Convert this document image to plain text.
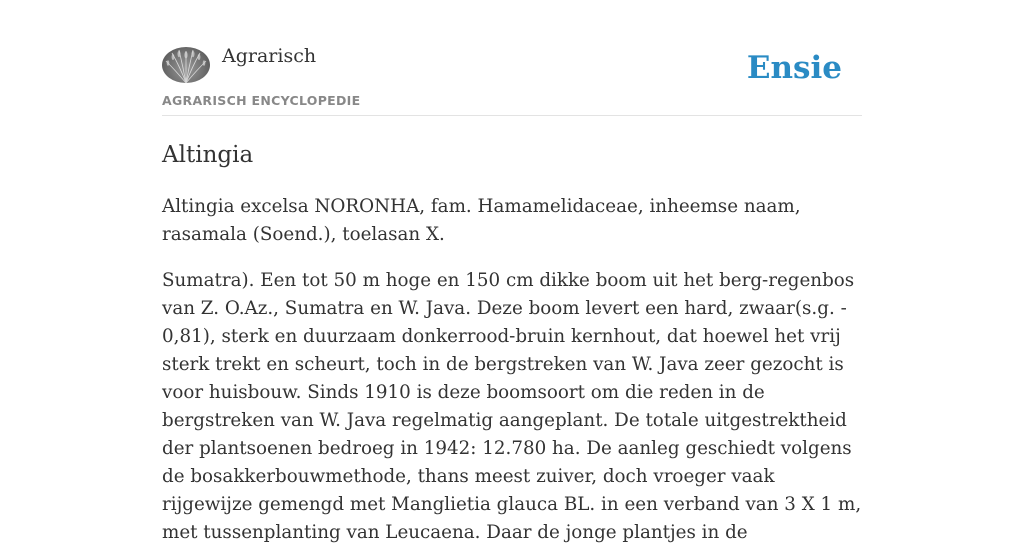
Agrarisch
AGRARISCH ENCYCLOPEDIE
Ensie
Altingia

Altingia excelsa NORONHA, fam. Hamamelidaceae, inheemse naam, rasamala (Soend.), toelasan X.

Sumatra). Een tot 50 m hoge en 150 cm dikke boom uit het berg-regenbos van Z. O.Az., Sumatra en W. Java. Deze boom levert een hard, zwaar(s.g. - 0,81), sterk en duurzaam donkerrood-bruin kernhout, dat hoewel het vrij sterk trekt en scheurt, toch in de bergstreken van W. Java zeer gezocht is voor huisbouw. Sinds 1910 is deze boomsoort om die reden in de bergstreken van W. Java regelmatig aangeplant. De totale uitgestrektheid der plantsoenen bedroeg in 1942: 12.780 ha. De aanleg geschiedt volgens de bosakkerbouwmethode, thans meest zuiver, doch vroeger vaak rijgewijze gemengd met Manglietia glauca BL. in een verband van 3 X 1 m, met tussenplanting van Leucaena. Daar de jonge plantjes in de
